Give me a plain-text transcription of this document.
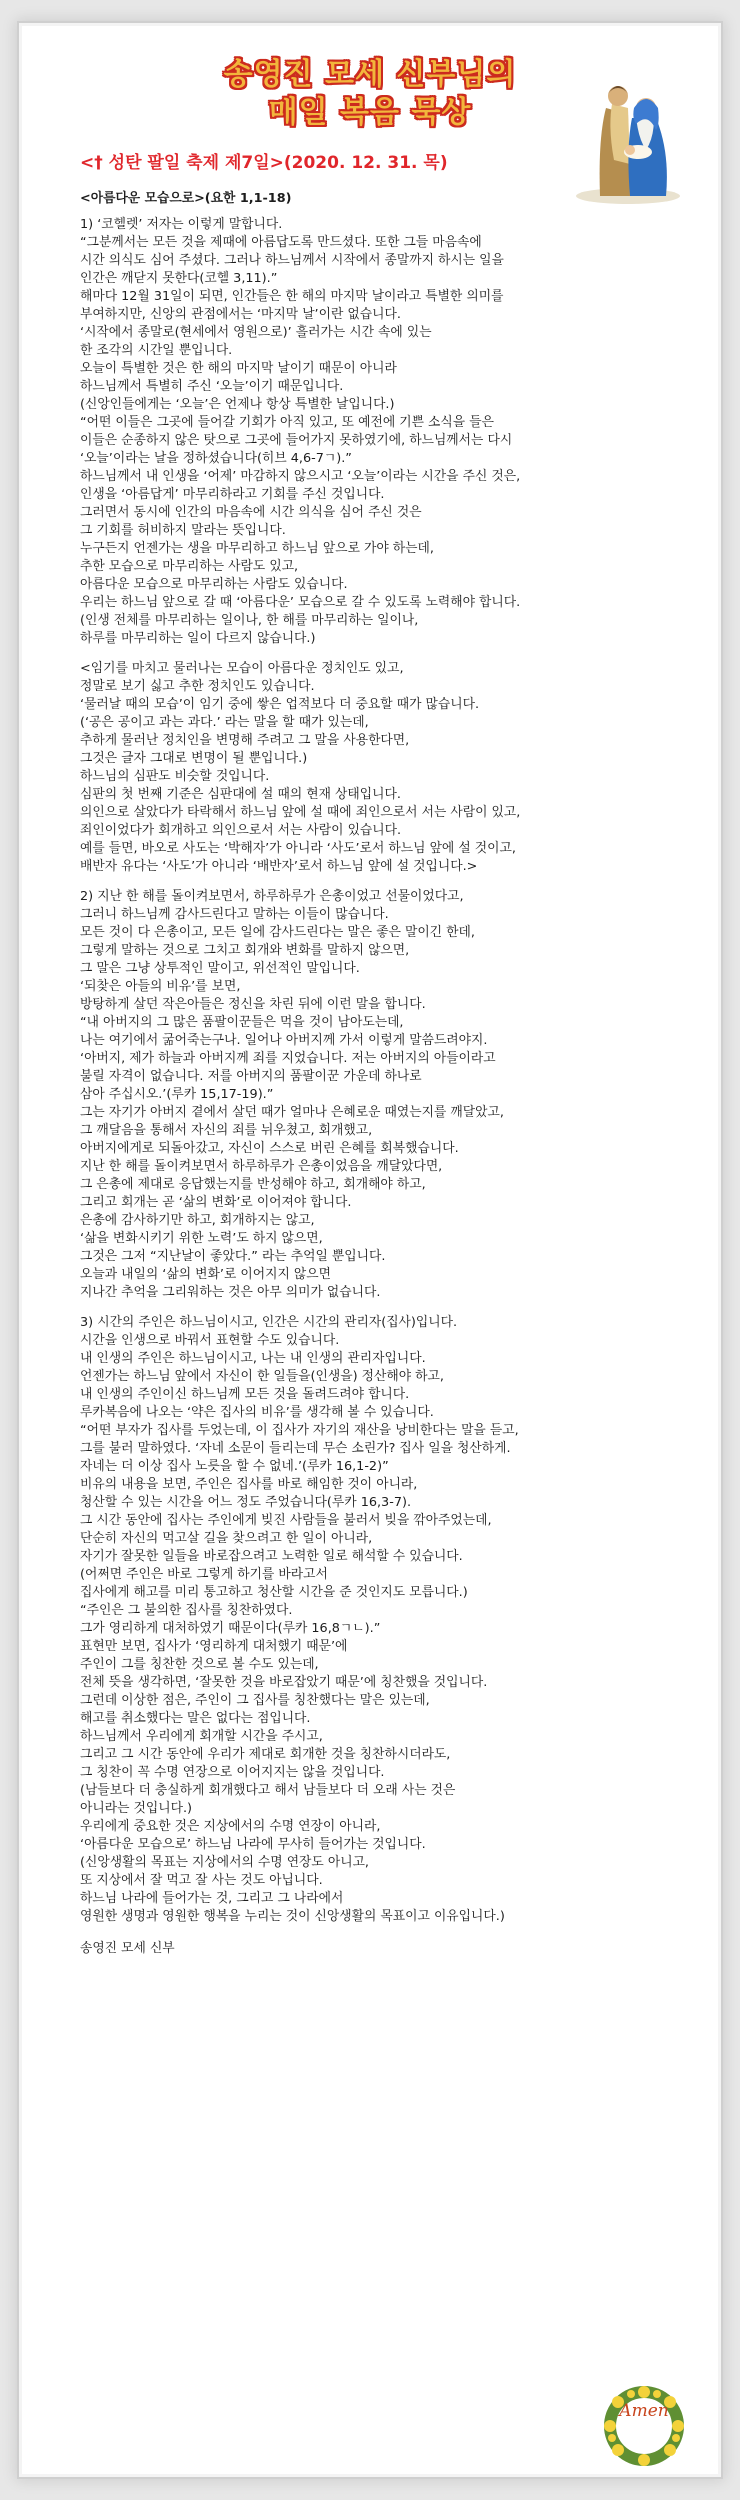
송영진 모세 신부님의
매일 복음 묵상
<† 성탄 팔일 축제 제7일>(2020. 12. 31. 목)
<아름다운 모습으로>(요한 1,1-18)

1) ‘코헬렛’ 저자는 이렇게 말합니다.
“그분께서는 모든 것을 제때에 아름답도록 만드셨다. 또한 그들 마음속에
시간 의식도 심어 주셨다. 그러나 하느님께서 시작에서 종말까지 하시는 일을
인간은 깨닫지 못한다(코헬 3,11).”
해마다 12월 31일이 되면, 인간들은 한 해의 마지막 날이라고 특별한 의미를
부여하지만, 신앙의 관점에서는 ‘마지막 날’이란 없습니다.
‘시작에서 종말로(현세에서 영원으로)’ 흘러가는 시간 속에 있는
한 조각의 시간일 뿐입니다.
오늘이 특별한 것은 한 해의 마지막 날이기 때문이 아니라
하느님께서 특별히 주신 ‘오늘’이기 때문입니다.
(신앙인들에게는 ‘오늘’은 언제나 항상 특별한 날입니다.)
“어떤 이들은 그곳에 들어갈 기회가 아직 있고, 또 예전에 기쁜 소식을 들은
이들은 순종하지 않은 탓으로 그곳에 들어가지 못하였기에, 하느님께서는 다시
‘오늘’이라는 날을 정하셨습니다(히브 4,6-7ㄱ).”
하느님께서 내 인생을 ‘어제’ 마감하지 않으시고 ‘오늘’이라는 시간을 주신 것은,
인생을 ‘아름답게’ 마무리하라고 기회를 주신 것입니다.
그러면서 동시에 인간의 마음속에 시간 의식을 심어 주신 것은
그 기회를 허비하지 말라는 뜻입니다.
누구든지 언젠가는 생을 마무리하고 하느님 앞으로 가야 하는데,
추한 모습으로 마무리하는 사람도 있고,
아름다운 모습으로 마무리하는 사람도 있습니다.
우리는 하느님 앞으로 갈 때 ‘아름다운’ 모습으로 갈 수 있도록 노력해야 합니다.
(인생 전체를 마무리하는 일이나, 한 해를 마무리하는 일이나,
하루를 마무리하는 일이 다르지 않습니다.)

<임기를 마치고 물러나는 모습이 아름다운 정치인도 있고,
정말로 보기 싫고 추한 정치인도 있습니다.
‘물러날 때의 모습’이 임기 중에 쌓은 업적보다 더 중요할 때가 많습니다.
(‘공은 공이고 과는 과다.’ 라는 말을 할 때가 있는데,
추하게 물러난 정치인을 변명해 주려고 그 말을 사용한다면,
그것은 글자 그대로 변명이 될 뿐입니다.)
하느님의 심판도 비슷할 것입니다.
심판의 첫 번째 기준은 심판대에 설 때의 현재 상태입니다.
의인으로 살았다가 타락해서 하느님 앞에 설 때에 죄인으로서 서는 사람이 있고,
죄인이었다가 회개하고 의인으로서 서는 사람이 있습니다.
예를 들면, 바오로 사도는 ‘박해자’가 아니라 ‘사도’로서 하느님 앞에 설 것이고,
배반자 유다는 ‘사도’가 아니라 ‘배반자’로서 하느님 앞에 설 것입니다.>

2) 지난 한 해를 돌이켜보면서, 하루하루가 은총이었고 선물이었다고,
그러니 하느님께 감사드린다고 말하는 이들이 많습니다.
모든 것이 다 은총이고, 모든 일에 감사드린다는 말은 좋은 말이긴 한데,
그렇게 말하는 것으로 그치고 회개와 변화를 말하지 않으면,
그 말은 그냥 상투적인 말이고, 위선적인 말입니다.
‘되찾은 아들의 비유’를 보면,
방탕하게 살던 작은아들은 정신을 차린 뒤에 이런 말을 합니다.
“내 아버지의 그 많은 품팔이꾼들은 먹을 것이 남아도는데,
나는 여기에서 굶어죽는구나. 일어나 아버지께 가서 이렇게 말씀드려야지.
‘아버지, 제가 하늘과 아버지께 죄를 지었습니다. 저는 아버지의 아들이라고
불릴 자격이 없습니다. 저를 아버지의 품팔이꾼 가운데 하나로
삼아 주십시오.’(루카 15,17-19).”
그는 자기가 아버지 곁에서 살던 때가 얼마나 은혜로운 때였는지를 깨달았고,
그 깨달음을 통해서 자신의 죄를 뉘우쳤고, 회개했고,
아버지에게로 되돌아갔고, 자신이 스스로 버린 은혜를 회복했습니다.
지난 한 해를 돌이켜보면서 하루하루가 은총이었음을 깨달았다면,
그 은총에 제대로 응답했는지를 반성해야 하고, 회개해야 하고,
그리고 회개는 곧 ‘삶의 변화’로 이어져야 합니다.
은총에 감사하기만 하고, 회개하지는 않고,
‘삶을 변화시키기 위한 노력’도 하지 않으면,
그것은 그저 “지난날이 좋았다.” 라는 추억일 뿐입니다.
오늘과 내일의 ‘삶의 변화’로 이어지지 않으면
지나간 추억을 그리워하는 것은 아무 의미가 없습니다.

3) 시간의 주인은 하느님이시고, 인간은 시간의 관리자(집사)입니다.
시간을 인생으로 바꿔서 표현할 수도 있습니다.
내 인생의 주인은 하느님이시고, 나는 내 인생의 관리자입니다.
언젠가는 하느님 앞에서 자신이 한 일들을(인생을) 정산해야 하고,
내 인생의 주인이신 하느님께 모든 것을 돌려드려야 합니다.
루카복음에 나오는 ‘약은 집사의 비유’를 생각해 볼 수 있습니다.
“어떤 부자가 집사를 두었는데, 이 집사가 자기의 재산을 낭비한다는 말을 듣고,
그를 불러 말하였다. ‘자네 소문이 들리는데 무슨 소린가? 집사 일을 청산하게.
자네는 더 이상 집사 노릇을 할 수 없네.’(루카 16,1-2)”
비유의 내용을 보면, 주인은 집사를 바로 해임한 것이 아니라,
청산할 수 있는 시간을 어느 정도 주었습니다(루카 16,3-7).
그 시간 동안에 집사는 주인에게 빚진 사람들을 불러서 빚을 깎아주었는데,
단순히 자신의 먹고살 길을 찾으려고 한 일이 아니라,
자기가 잘못한 일들을 바로잡으려고 노력한 일로 해석할 수 있습니다.
(어쩌면 주인은 바로 그렇게 하기를 바라고서
집사에게 해고를 미리 통고하고 청산할 시간을 준 것인지도 모릅니다.)
“주인은 그 불의한 집사를 칭찬하였다.
그가 영리하게 대처하였기 때문이다(루카 16,8ㄱㄴ).”
표현만 보면, 집사가 ‘영리하게 대처했기 때문’에
주인이 그를 칭찬한 것으로 볼 수도 있는데,
전체 뜻을 생각하면, ‘잘못한 것을 바로잡았기 때문’에 칭찬했을 것입니다.
그런데 이상한 점은, 주인이 그 집사를 칭찬했다는 말은 있는데,
해고를 취소했다는 말은 없다는 점입니다.
하느님께서 우리에게 회개할 시간을 주시고,
그리고 그 시간 동안에 우리가 제대로 회개한 것을 칭찬하시더라도,
그 칭찬이 꼭 수명 연장으로 이어지지는 않을 것입니다.
(남들보다 더 충실하게 회개했다고 해서 남들보다 더 오래 사는 것은
아니라는 것입니다.)
우리에게 중요한 것은 지상에서의 수명 연장이 아니라,
‘아름다운 모습으로’ 하느님 나라에 무사히 들어가는 것입니다.
(신앙생활의 목표는 지상에서의 수명 연장도 아니고,
또 지상에서 잘 먹고 잘 사는 것도 아닙니다.
하느님 나라에 들어가는 것, 그리고 그 나라에서
영원한 생명과 영원한 행복을 누리는 것이 신앙생활의 목표이고 이유입니다.)

송영진 모세 신부
Amen
